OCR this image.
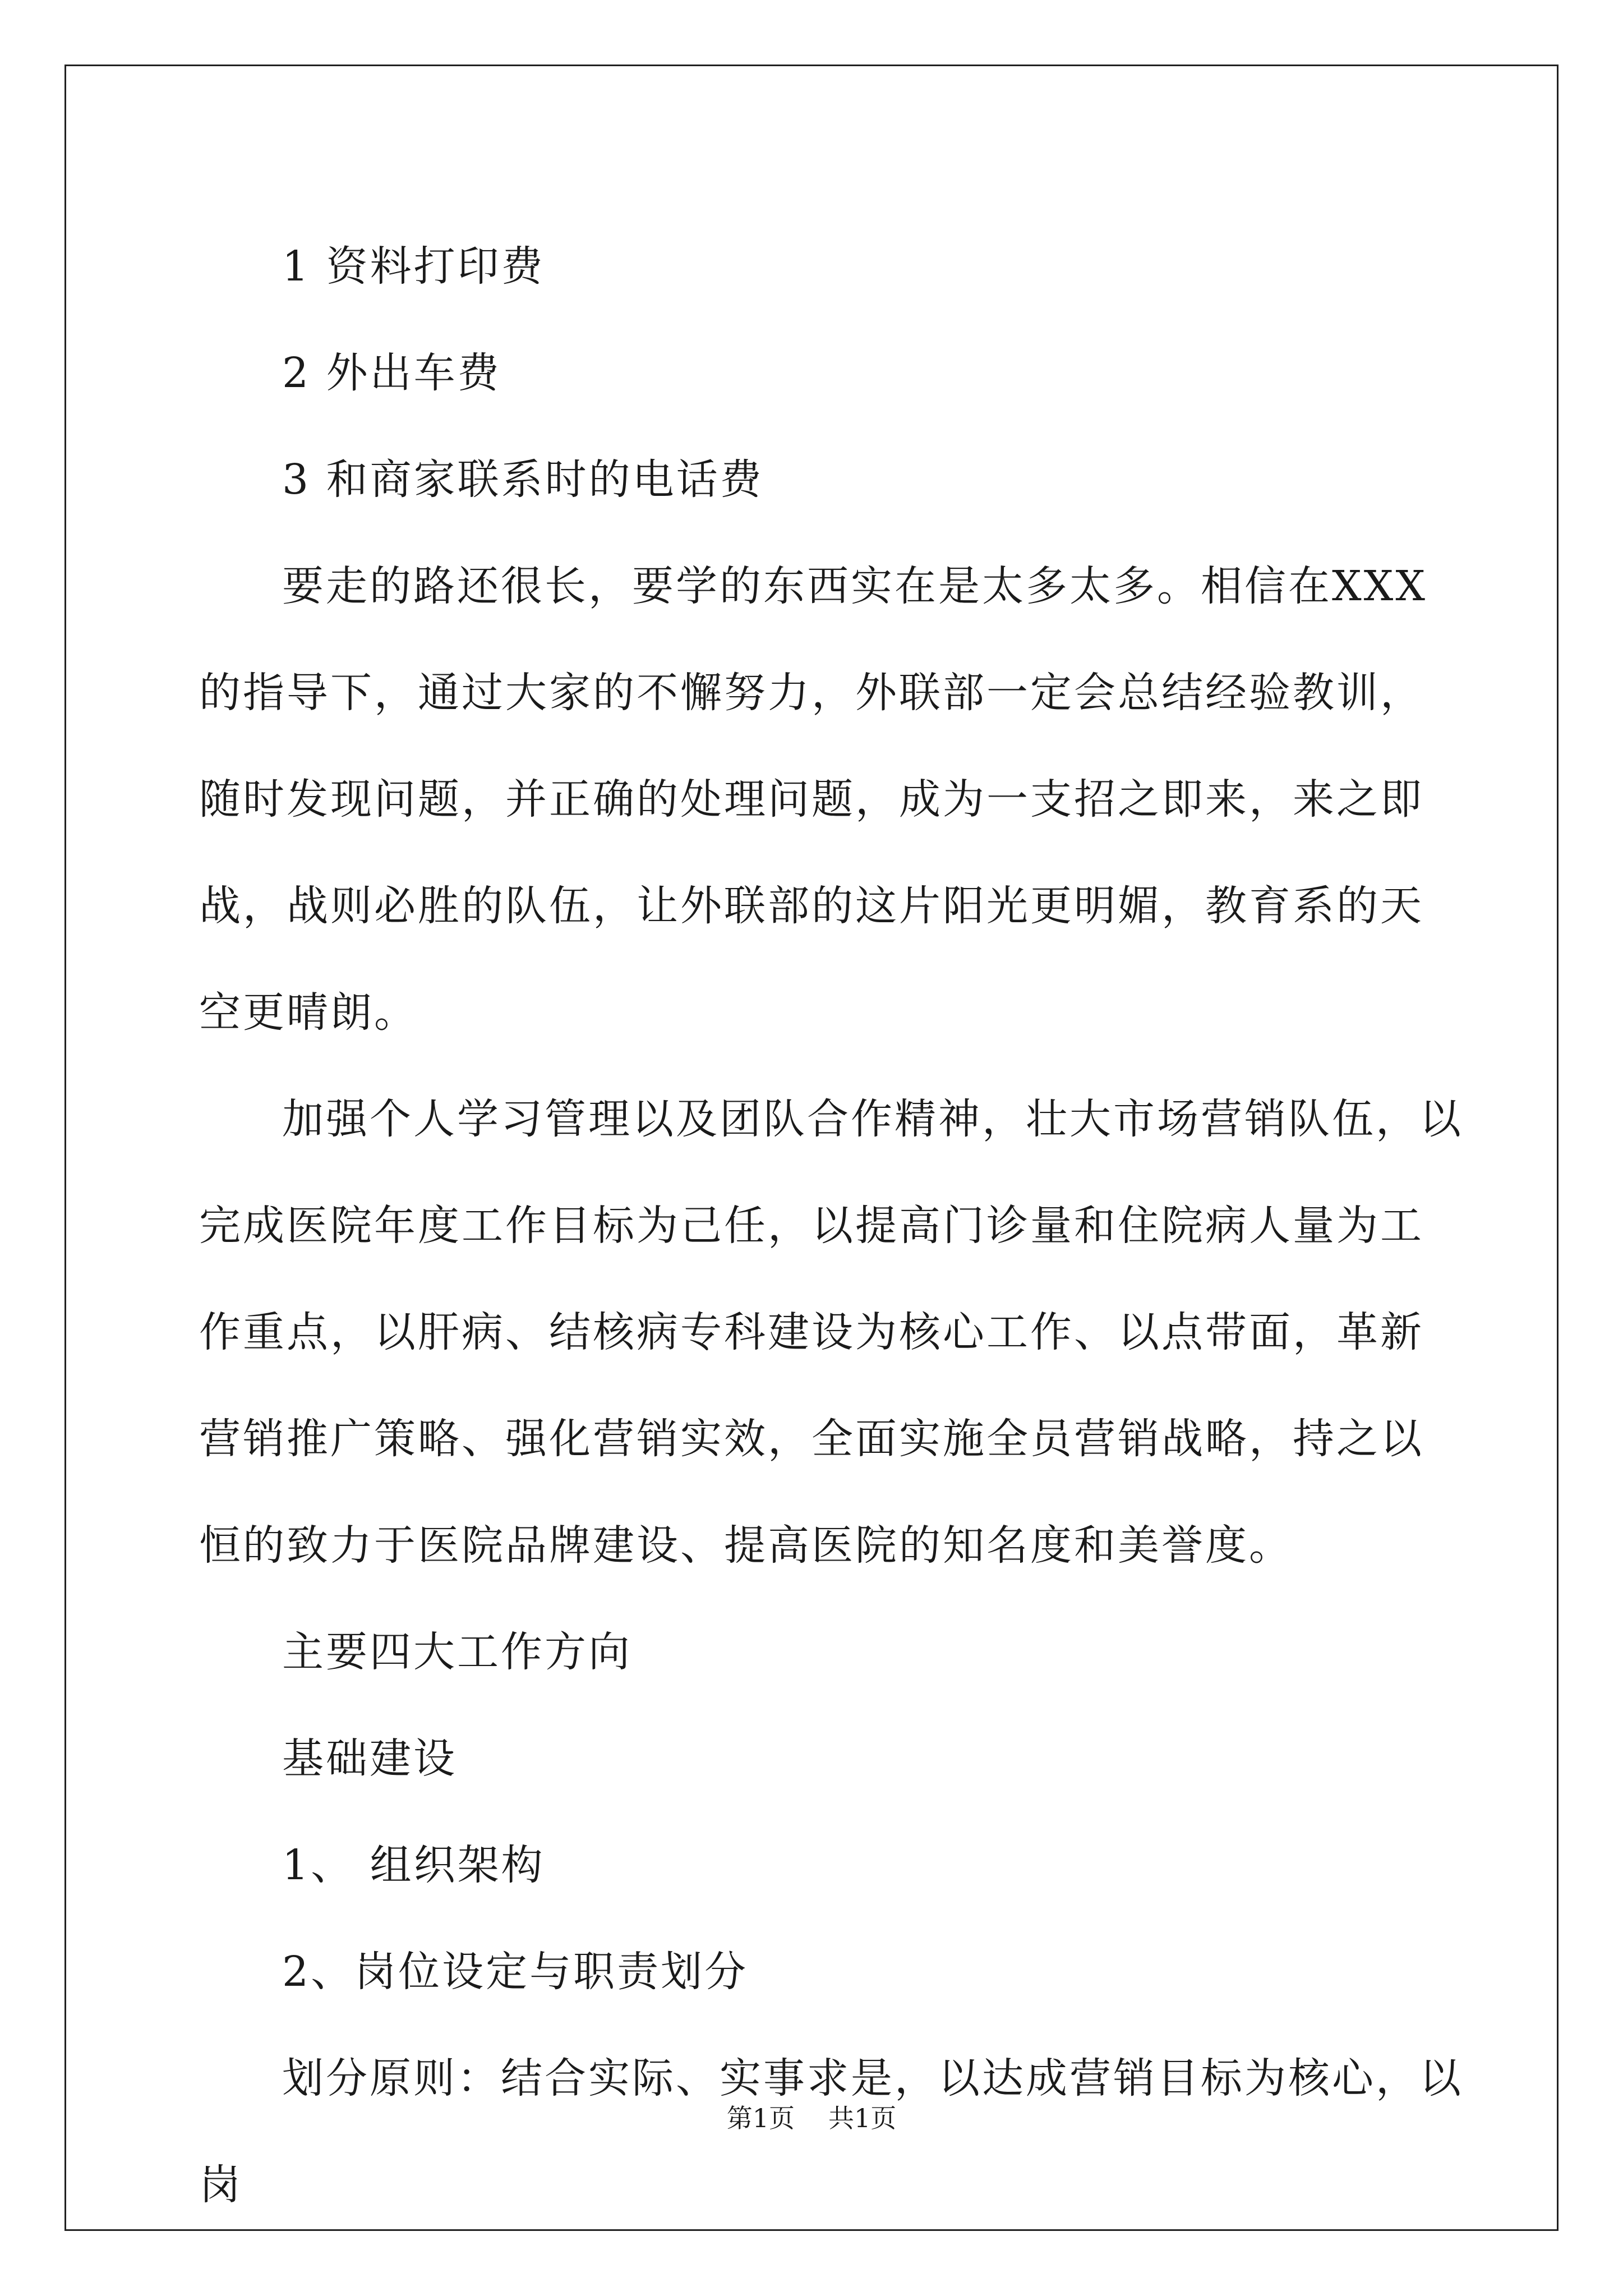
1 资料打印费

2 外出车费

3 和商家联系时的电话费

要走的路还很长，要学的东西实在是太多太多。相信在XXX的指导下，通过大家的不懈努力，外联部一定会总结经验教训，随时发现问题，并正确的处理问题，成为一支招之即来，来之即战，战则必胜的队伍，让外联部的这片阳光更明媚，教育系的天空更晴朗。

加强个人学习管理以及团队合作精神，壮大市场营销队伍，以完成医院年度工作目标为己任，以提高门诊量和住院病人量为工作重点，以肝病、结核病专科建设为核心工作、以点带面，革新营销推广策略、强化营销实效，全面实施全员营销战略，持之以恒的致力于医院品牌建设、提高医院的知名度和美誉度。

主要四大工作方向

基础建设

1、 组织架构

2、岗位设定与职责划分

划分原则：结合实际、实事求是，以达成营销目标为核心，以岗

第1页 共1页
